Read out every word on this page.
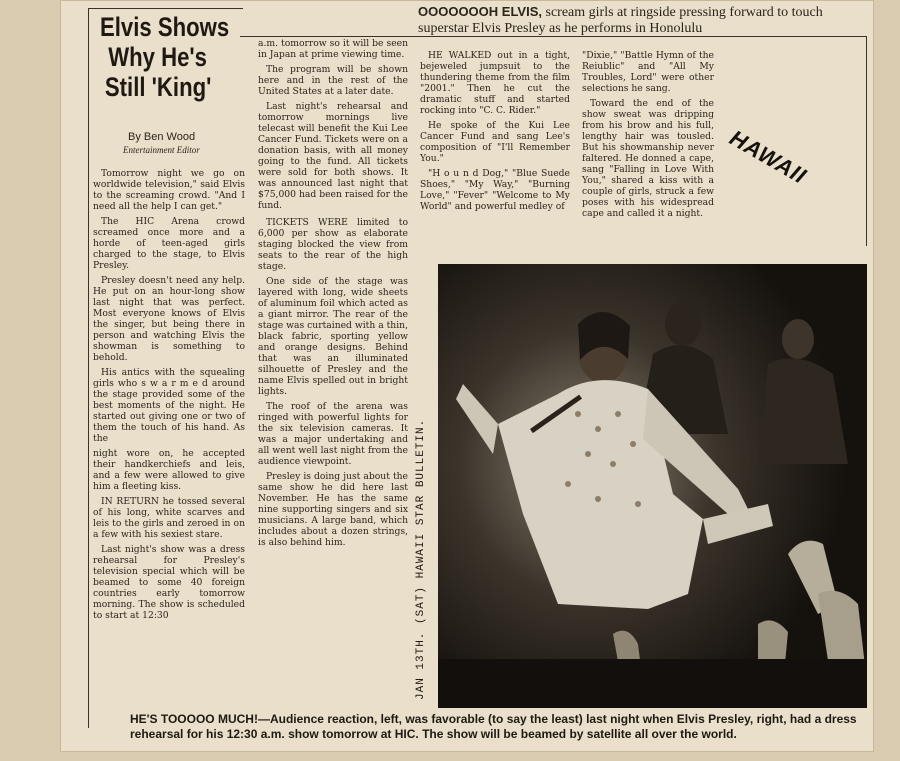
OOOOOOOH ELVIS, scream girls at ringside pressing forward to touch superstar Elvis Presley as he performs in Honolulu
Elvis Shows
Why He's
Still 'King'
By Ben Wood
Entertainment Editor

Tomorrow night we go on worldwide television," said Elvis to the screaming crowd. "And I need all the help I can get."

The HIC Arena crowd screamed once more and a horde of teen-aged girls charged to the stage, to Elvis Presley.

Presley doesn't need any help. He put on an hour-long show last night that was perfect. Most everyone knows of Elvis the singer, but being there in person and watching Elvis the showman is something to behold.

His antics with the squealing girls who s w a r m e d around the stage provided some of the best moments of the night. He started out giving one or two of them the touch of his hand. As the

night wore on, he accepted their handkerchiefs and leis, and a few were allowed to give him a fleeting kiss.

IN RETURN he tossed several of his long, white scarves and leis to the girls and zeroed in on a few with his sexiest stare.

Last night's show was a dress rehearsal for Presley's television special which will be beamed to some 40 foreign countries early tomorrow morning. The show is scheduled to start at 12:30

a.m. tomorrow so it will be seen in Japan at prime viewing time.

The program will be shown here and in the rest of the United States at a later date.

Last night's rehearsal and tomorrow mornings live telecast will benefit the Kui Lee Cancer Fund. Tickets were on a donation basis, with all money going to the fund. All tickets were sold for both shows. It was announced last night that $75,000 had been raised for the fund.

TICKETS WERE limited to 6,000 per show as elaborate staging blocked the view from seats to the rear of the high stage.

One side of the stage was layered with long, wide sheets of aluminum foil which acted as a giant mirror. The rear of the stage was curtained with a thin, black fabric, sporting yellow and orange designs. Behind that was an illuminated silhouette of Presley and the name Elvis spelled out in bright lights.

The roof of the arena was ringed with powerful lights for the six television cameras. It was a major undertaking and all went well last night from the audience viewpoint.

Presley is doing just about the same show he did here last November. He has the same nine supporting singers and six musicians. A large band, which includes about a dozen strings, is also behind him.

HE WALKED out in a tight, bejeweled jumpsuit to the thundering theme from the film "2001." Then he cut the dramatic stuff and started rocking into "C. C. Rider."

He spoke of the Kui Lee Cancer Fund and sang Lee's composition of "I'll Remember You."

"H o u n d Dog," "Blue Suede Shoes," "My Way," "Burning Love," "Fever" "Welcome to My World" and powerful medley of

"Dixie," "Battle Hymn of the Reiublic" and "All My Troubles, Lord" were other selections he sang.

Toward the end of the show sweat was dripping from his brow and his full, lengthy hair was tousled. But his showmanship never faltered. He donned a cape, sang "Falling in Love With You," shared a kiss with a couple of girls, struck a few poses with his widespread cape and called it a night.

HAWAII
JAN 13TH. (SAT) HAWAII STAR BULLETIN.
HE'S TOOOOO MUCH!—Audience reaction, left, was favorable (to say the least) last night when Elvis Presley, right, had a dress rehearsal for his 12:30 a.m. show tomorrow at HIC. The show will be beamed by satellite all over the world.
